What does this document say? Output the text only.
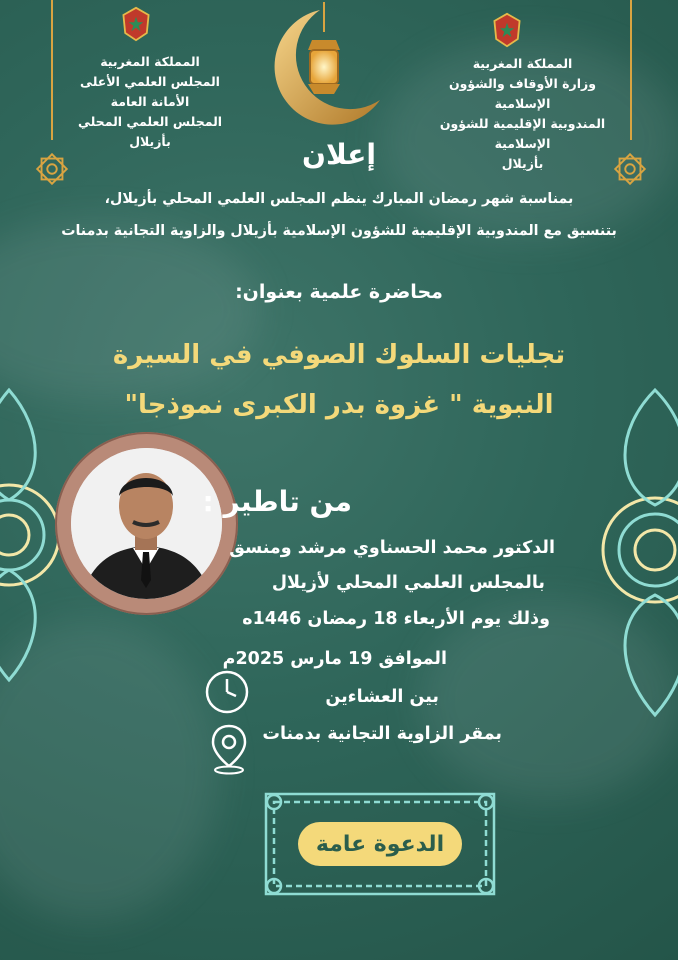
المملكة المغربية
المجلس العلمي الأعلى
الأمانة العامة
المجلس العلمي المحلي
بأزيلال
المملكة المغربية
وزارة الأوقاف والشؤون الإسلامية
المندوبية الإقليمية للشؤون الإسلامية
بأزيلال
إعلان
بمناسبة شهر رمضان المبارك ينظم المجلس العلمي المحلي بأزيلال،
بتنسيق مع المندوبية الإقليمية للشؤون الإسلامية بأزيلال والزاوية التجانية بدمنات
محاضرة علمية بعنوان:
تجليات السلوك الصوفي في السيرة
النبوية " غزوة بدر الكبرى نموذجا"
من تاطير :
الدكتور محمد الحسناوي مرشد ومنسق
بالمجلس العلمي المحلي لأزيلال
وذلك يوم الأربعاء 18 رمضان 1446ه
الموافق 19 مارس 2025م
بين العشاءين
بمقر الزاوية التجانية بدمنات
الدعوة عامة
